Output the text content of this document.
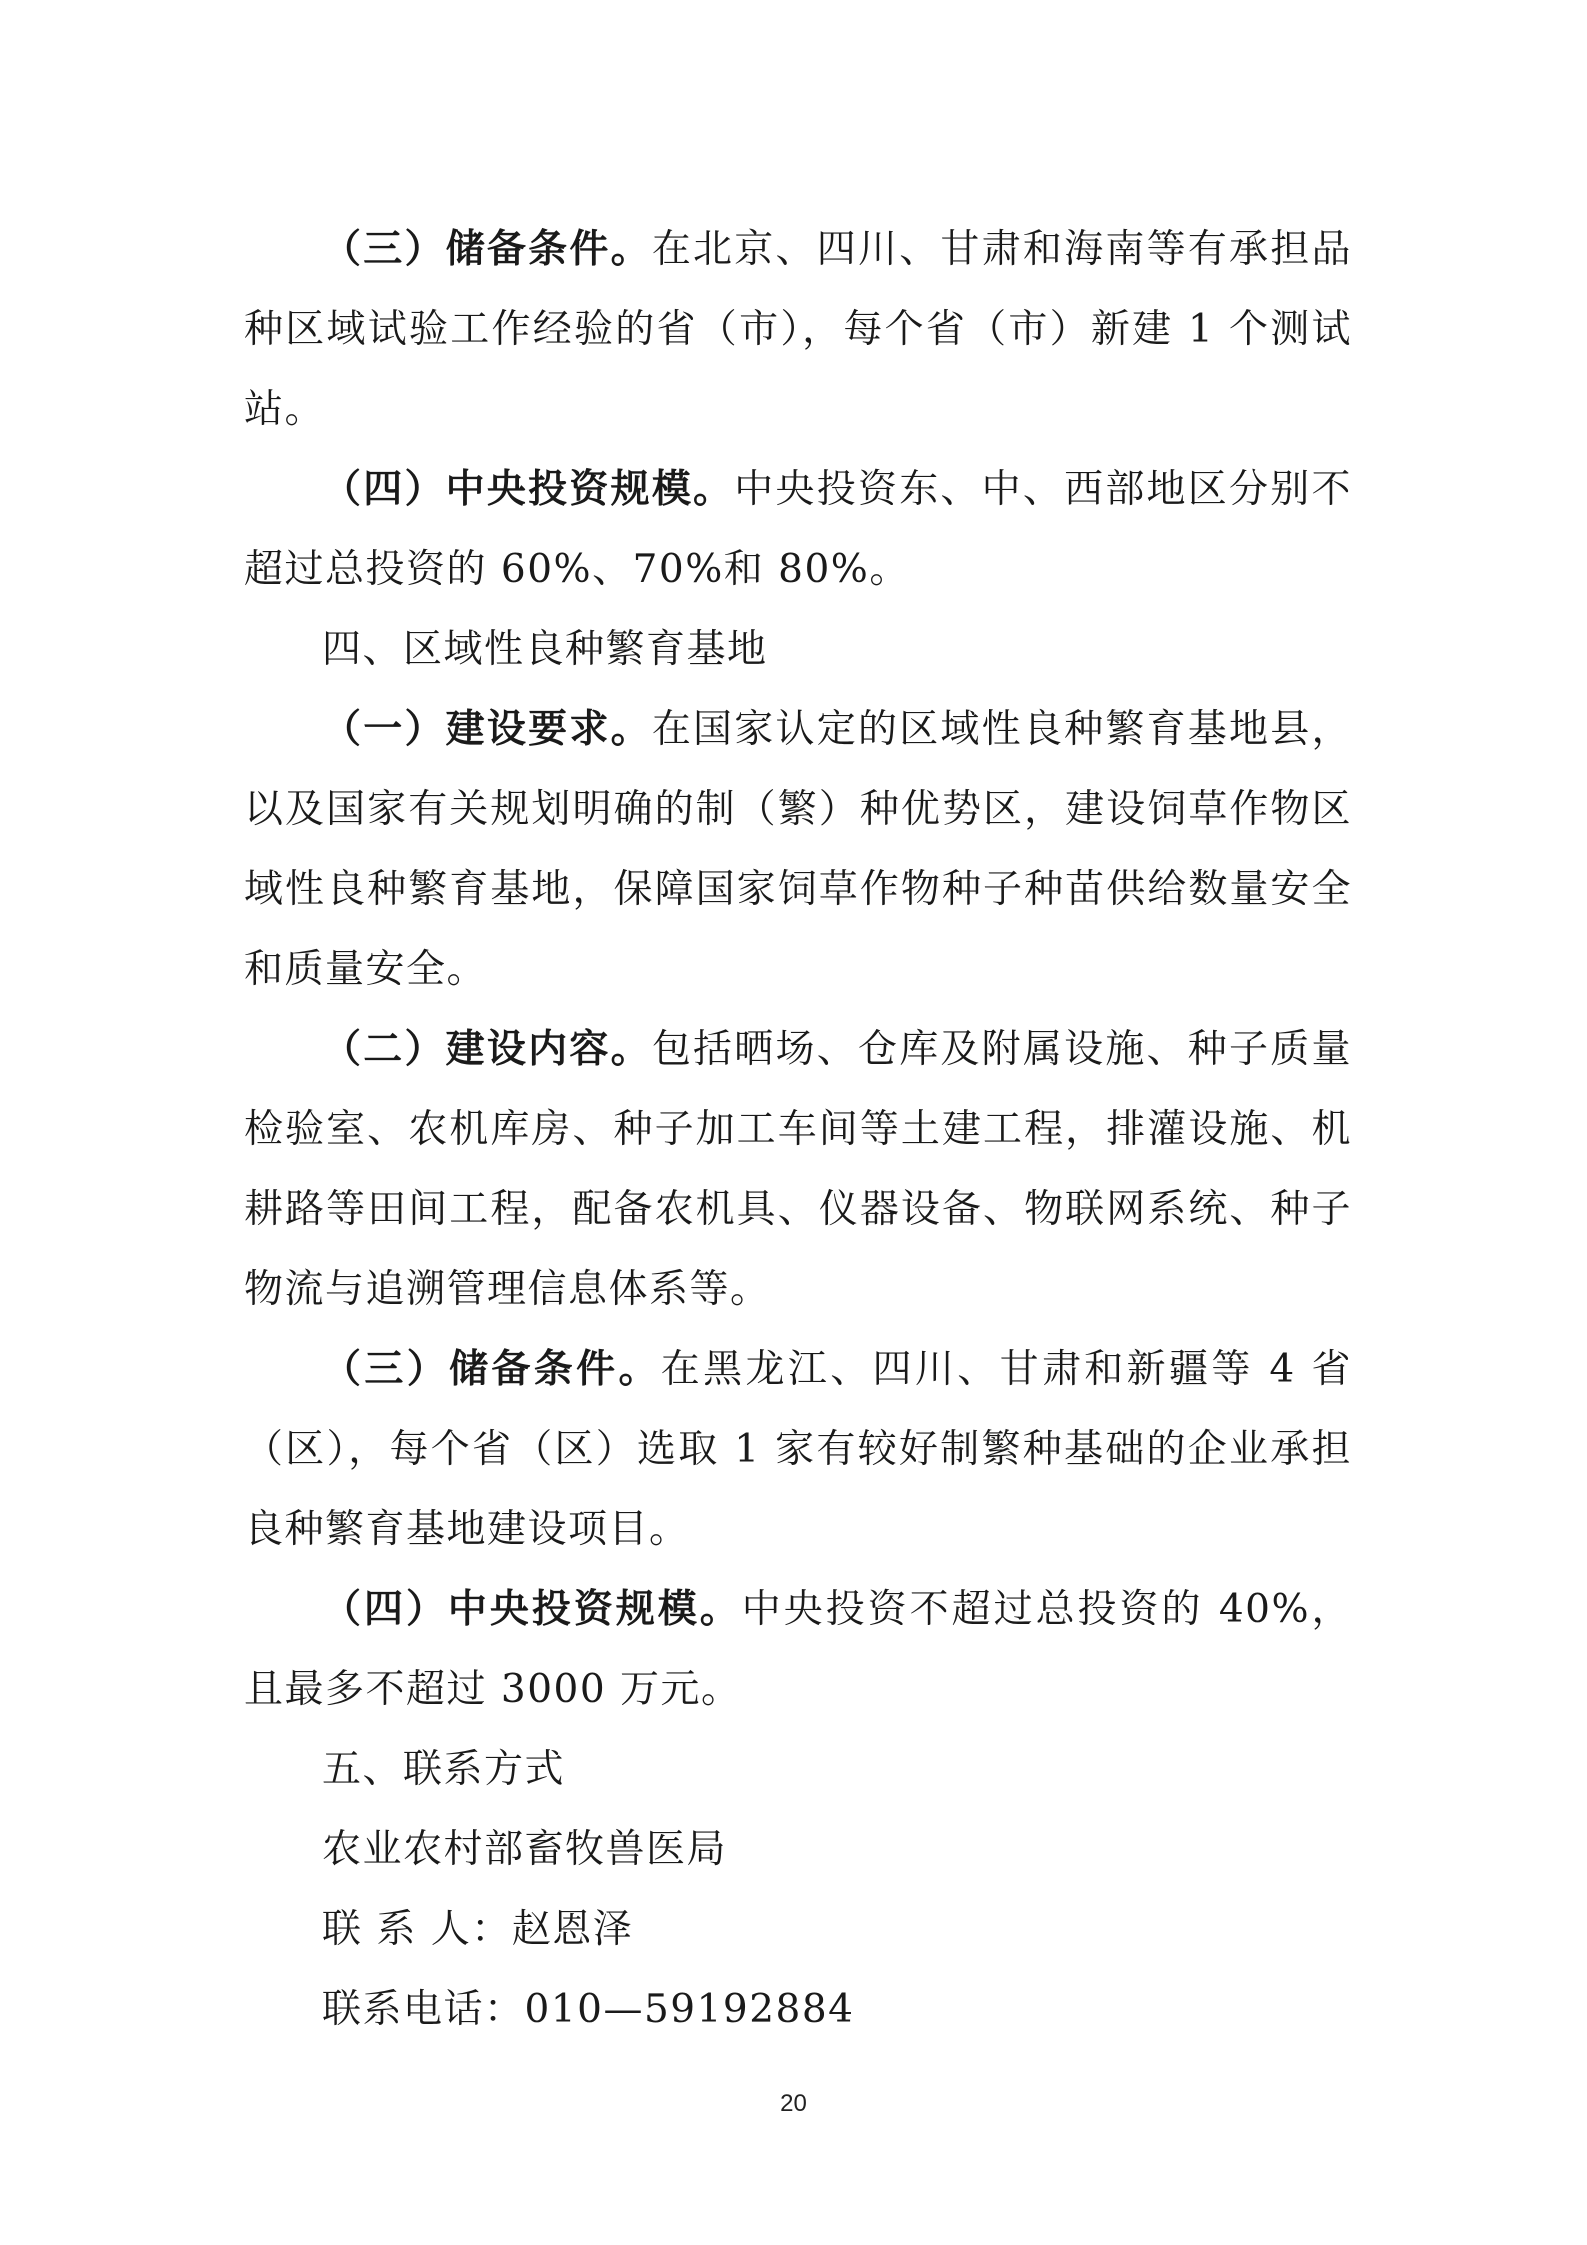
（三）储备条件。在北京、四川、甘肃和海南等有承担品种区域试验工作经验的省（市），每个省（市）新建 1 个测试站。

（四）中央投资规模。中央投资东、中、西部地区分别不超过总投资的 60%、70%和 80%。

四、区域性良种繁育基地

（一）建设要求。在国家认定的区域性良种繁育基地县，以及国家有关规划明确的制（繁）种优势区，建设饲草作物区域性良种繁育基地，保障国家饲草作物种子种苗供给数量安全和质量安全。

（二）建设内容。包括晒场、仓库及附属设施、种子质量检验室、农机库房、种子加工车间等土建工程，排灌设施、机耕路等田间工程，配备农机具、仪器设备、物联网系统、种子物流与追溯管理信息体系等。

（三）储备条件。在黑龙江、四川、甘肃和新疆等 4 省（区），每个省（区）选取 1 家有较好制繁种基础的企业承担良种繁育基地建设项目。

（四）中央投资规模。中央投资不超过总投资的 40%，且最多不超过 3000 万元。

五、联系方式

农业农村部畜牧兽医局

联 系 人：赵恩泽

联系电话：010—59192884

20
